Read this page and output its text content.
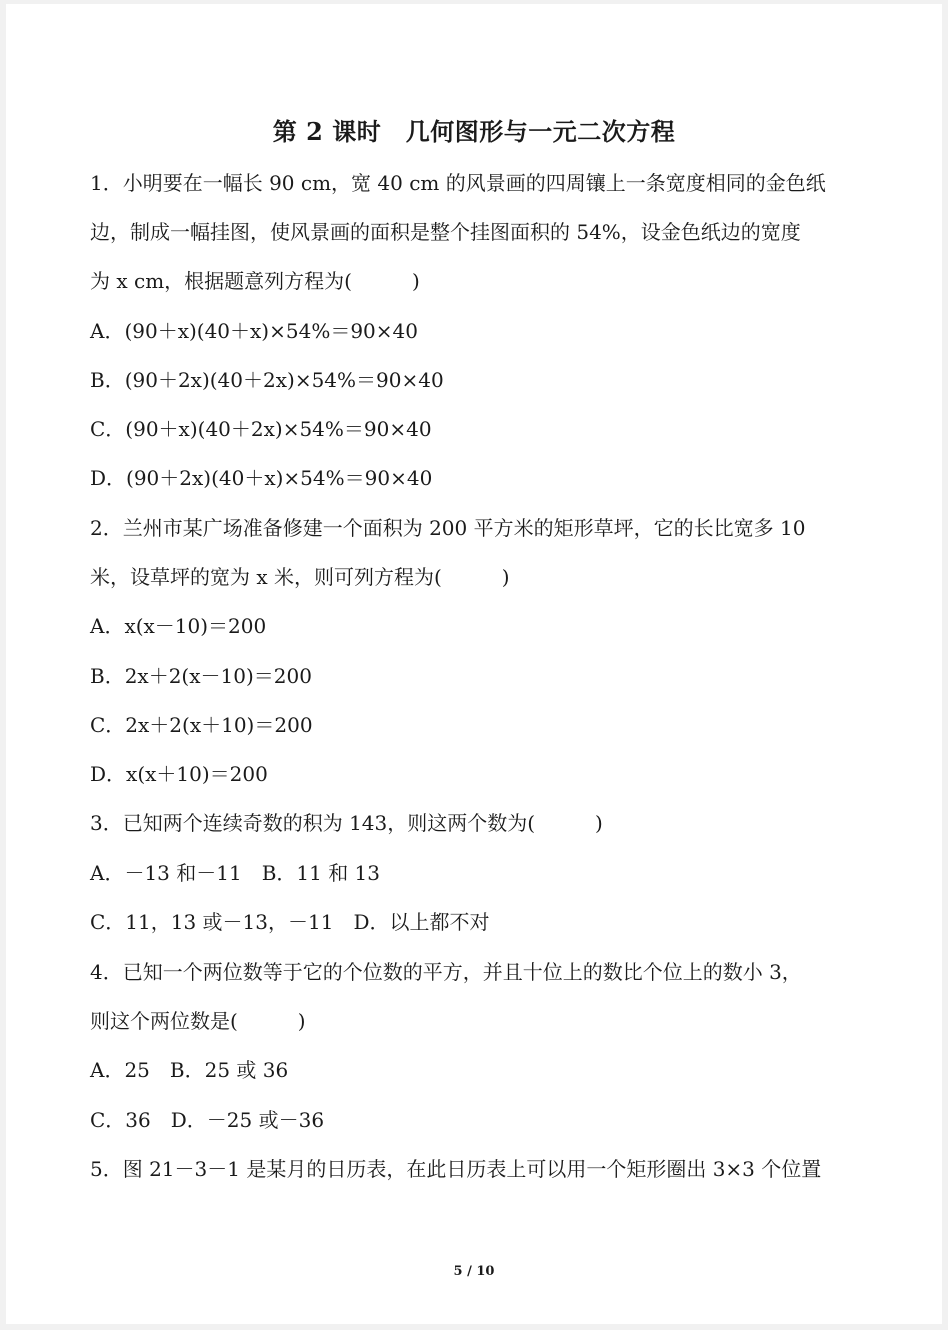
第 2 课时　几何图形与一元二次方程
1．小明要在一幅长 90 cm，宽 40 cm 的风景画的四周镶上一条宽度相同的金色纸
边，制成一幅挂图，使风景画的面积是整个挂图面积的 54%，设金色纸边的宽度
为 x cm，根据题意列方程为(　　　)
A．(90＋x)(40＋x)×54%＝90×40
B．(90＋2x)(40＋2x)×54%＝90×40
C．(90＋x)(40＋2x)×54%＝90×40
D．(90＋2x)(40＋x)×54%＝90×40
2．兰州市某广场准备修建一个面积为 200 平方米的矩形草坪，它的长比宽多 10
米，设草坪的宽为 x 米，则可列方程为(　　　)
A．x(x－10)＝200
B．2x＋2(x－10)＝200
C．2x＋2(x＋10)＝200
D．x(x＋10)＝200
3．已知两个连续奇数的积为 143，则这两个数为(　　　)
A．－13 和－11　B．11 和 13
C．11，13 或－13，－11　D．以上都不对
4．已知一个两位数等于它的个位数的平方，并且十位上的数比个位上的数小 3，
则这个两位数是(　　　)
A．25　B．25 或 36
C．36　D．－25 或－36
5．图 21－3－1 是某月的日历表，在此日历表上可以用一个矩形圈出 3×3 个位置
5 / 10
